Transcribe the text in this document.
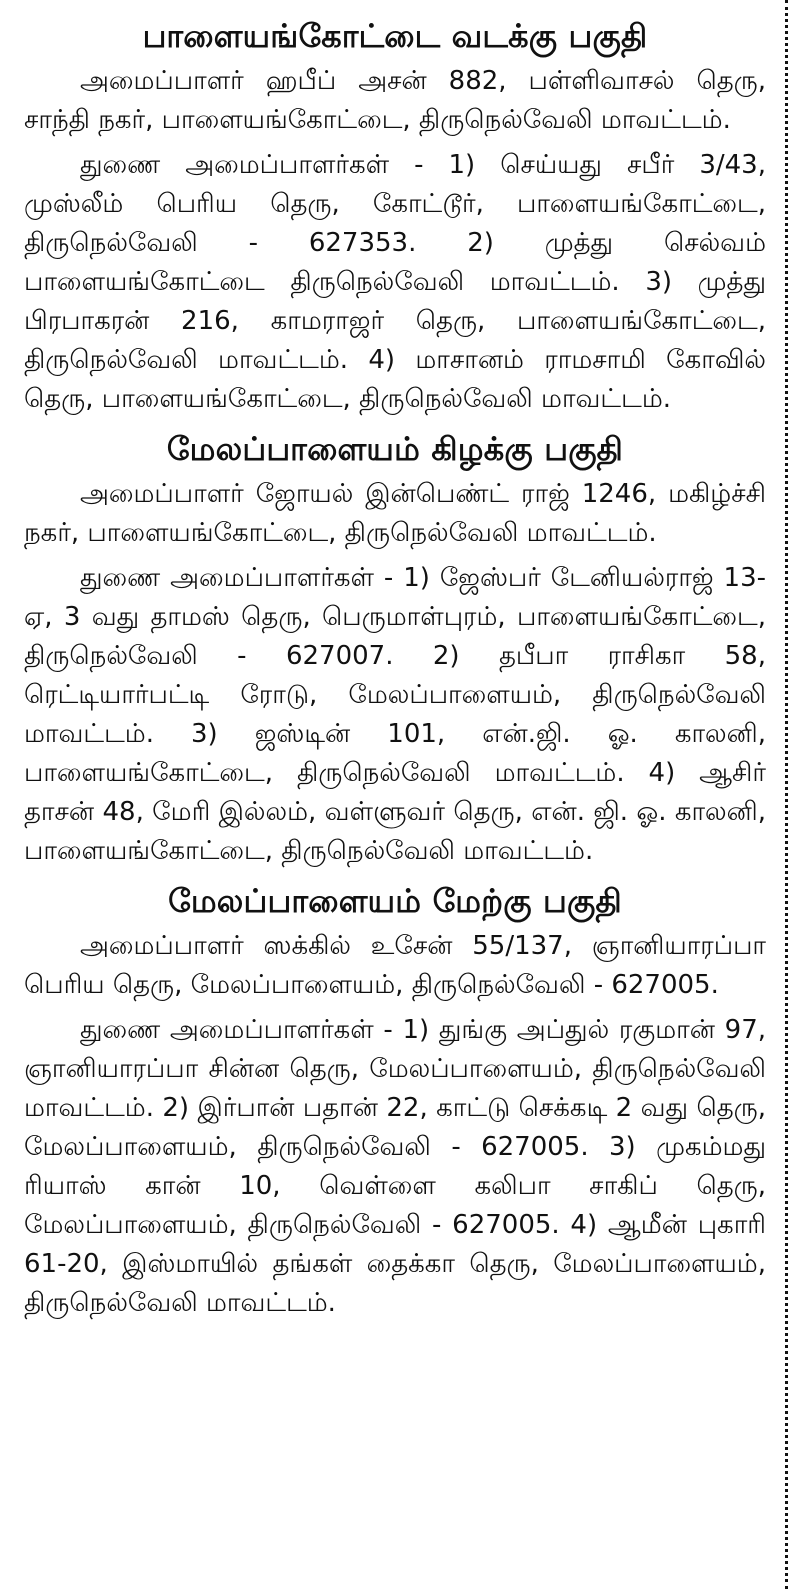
பாளையங்கோட்டை வடக்கு பகுதி

அமைப்பாளர் ஹபீப் அசன் 882, பள்ளிவாசல் தெரு, சாந்தி நகர், பாளையங்கோட்டை, திருநெல்வேலி மாவட்டம்.

துணை அமைப்பாளர்கள் - 1) செய்யது சபீர் 3/43, முஸ்லீம் பெரிய தெரு, கோட்டூர், பாளையங்கோட்டை, திருநெல்வேலி - 627353. 2) முத்து செல்வம் பாளையங்கோட்டை திருநெல்வேலி மாவட்டம். 3) முத்து பிரபாகரன் 216, காமராஜர் தெரு, பாளையங்கோட்டை, திருநெல்வேலி மாவட்டம். 4) மாசானம் ராமசாமி கோவில் தெரு, பாளையங்கோட்டை, திருநெல்வேலி மாவட்டம்.

மேலப்பாளையம் கிழக்கு பகுதி

அமைப்பாளர் ஜோயல் இன்பெண்ட் ராஜ் 1246, மகிழ்ச்சி நகர், பாளையங்கோட்டை, திருநெல்வேலி மாவட்டம்.

துணை அமைப்பாளர்கள் - 1) ஜேஸ்பர் டேனியல்ராஜ் 13-ஏ, 3 வது தாமஸ் தெரு, பெருமாள்புரம், பாளையங்கோட்டை, திருநெல்வேலி - 627007. 2) தபீபா ராசிகா 58, ரெட்டியார்பட்டி ரோடு, மேலப்பாளையம், திருநெல்வேலி மாவட்டம். 3) ஜஸ்டின் 101, என்.ஜி. ஓ. காலனி, பாளையங்கோட்டை, திருநெல்வேலி மாவட்டம். 4) ஆசிர் தாசன் 48, மேரி இல்லம், வள்ளுவர் தெரு, என். ஜி. ஓ. காலனி, பாளையங்கோட்டை, திருநெல்வேலி மாவட்டம்.

மேலப்பாளையம் மேற்கு பகுதி

அமைப்பாளர் ஸக்கில் உசேன் 55/137, ஞானியாரப்பா பெரிய தெரு, மேலப்பாளையம், திருநெல்வேலி - 627005.

துணை அமைப்பாளர்கள் - 1) துங்கு அப்துல் ரகுமான் 97, ஞானியாரப்பா சின்ன தெரு, மேலப்பாளையம், திருநெல்வேலி மாவட்டம். 2) இர்பான் பதான் 22, காட்டு செக்கடி 2 வது தெரு, மேலப்பாளையம், திருநெல்வேலி - 627005. 3) முகம்மது ரியாஸ் கான் 10, வெள்ளை கலிபா சாகிப் தெரு, மேலப்பாளையம், திருநெல்வேலி - 627005. 4) ஆமீன் புகாரி 61-20, இஸ்மாயில் தங்கள் தைக்கா தெரு, மேலப்பாளையம், திருநெல்வேலி மாவட்டம்.
